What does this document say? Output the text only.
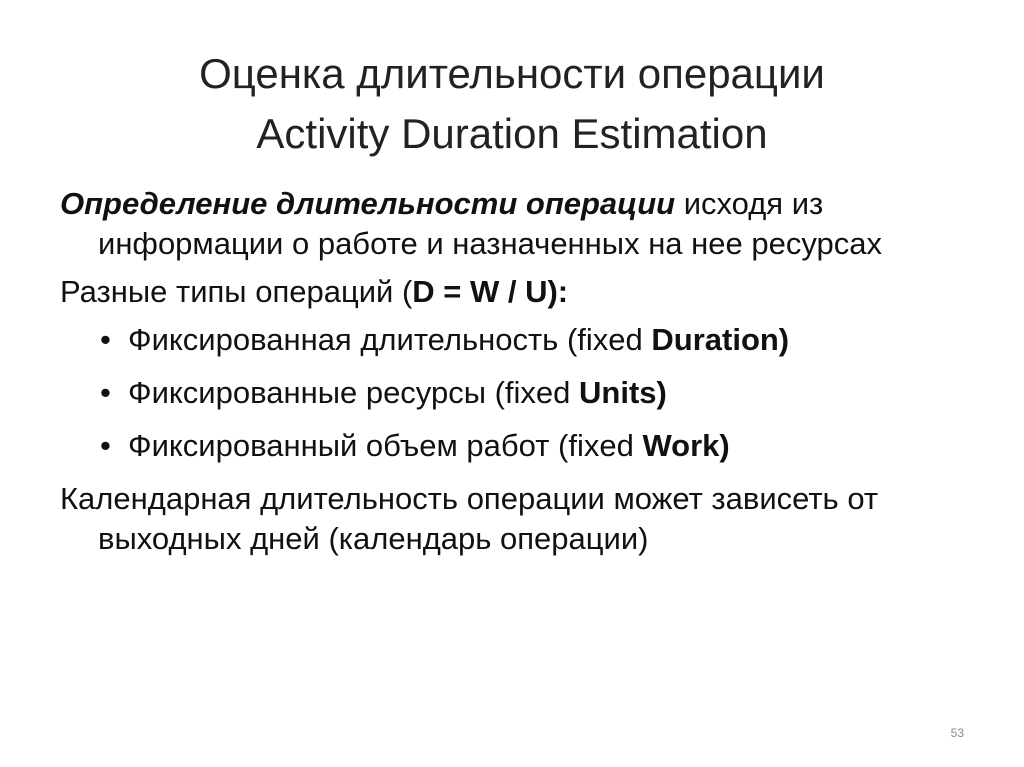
Оценка длительности операции
Activity Duration Estimation

Определение длительности операции исходя из информации о работе и назначенных на нее ресурсах

Разные типы операций (D = W / U):

• Фиксированная длительность (fixed Duration)
• Фиксированные ресурсы (fixed Units)
• Фиксированный объем работ (fixed Work)

Календарная длительность операции может зависеть от выходных дней (календарь операции)

53
